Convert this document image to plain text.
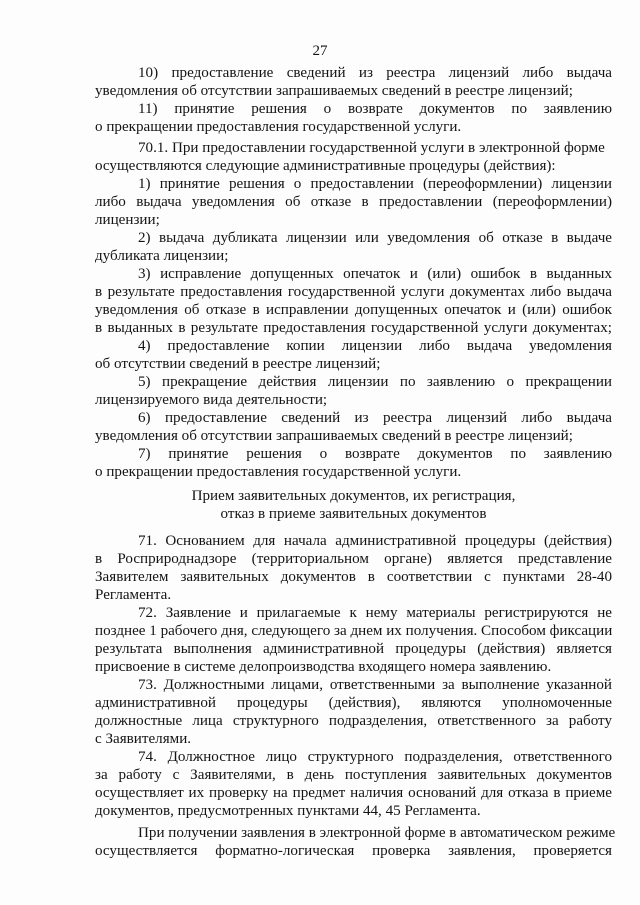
27
10) предоставление сведений из реестра лицензий либо выдача
уведомления об отсутствии запрашиваемых сведений в реестре лицензий;
11) принятие решения о возврате документов по заявлению
о прекращении предоставления государственной услуги.
70.1. При предоставлении государственной услуги в электронной форме
осуществляются следующие административные процедуры (действия):
1) принятие решения о предоставлении (переоформлении) лицензии
либо выдача уведомления об отказе в предоставлении (переоформлении)
лицензии;
2) выдача дубликата лицензии или уведомления об отказе в выдаче
дубликата лицензии;
3) исправление допущенных опечаток и (или) ошибок в выданных
в результате предоставления государственной услуги документах либо выдача
уведомления об отказе в исправлении допущенных опечаток и (или) ошибок
в выданных в результате предоставления государственной услуги документах;
4) предоставление копии лицензии либо выдача уведомления
об отсутствии сведений в реестре лицензий;
5) прекращение действия лицензии по заявлению о прекращении
лицензируемого вида деятельности;
6) предоставление сведений из реестра лицензий либо выдача
уведомления об отсутствии запрашиваемых сведений в реестре лицензий;
7) принятие решения о возврате документов по заявлению
о прекращении предоставления государственной услуги.
Прием заявительных документов, их регистрация,
отказ в приеме заявительных документов
71. Основанием для начала административной процедуры (действия)
в Росприроднадзоре (территориальном органе) является представление
Заявителем заявительных документов в соответствии с пунктами 28-40
Регламента.
72. Заявление и прилагаемые к нему материалы регистрируются не
позднее 1 рабочего дня, следующего за днем их получения. Способом фиксации
результата выполнения административной процедуры (действия) является
присвоение в системе делопроизводства входящего номера заявлению.
73. Должностными лицами, ответственными за выполнение указанной
административной процедуры (действия), являются уполномоченные
должностные лица структурного подразделения, ответственного за работу
с Заявителями.
74. Должностное лицо структурного подразделения, ответственного
за работу с Заявителями, в день поступления заявительных документов
осуществляет их проверку на предмет наличия оснований для отказа в приеме
документов, предусмотренных пунктами 44, 45 Регламента.
При получении заявления в электронной форме в автоматическом режиме
осуществляется форматно-логическая проверка заявления, проверяется
